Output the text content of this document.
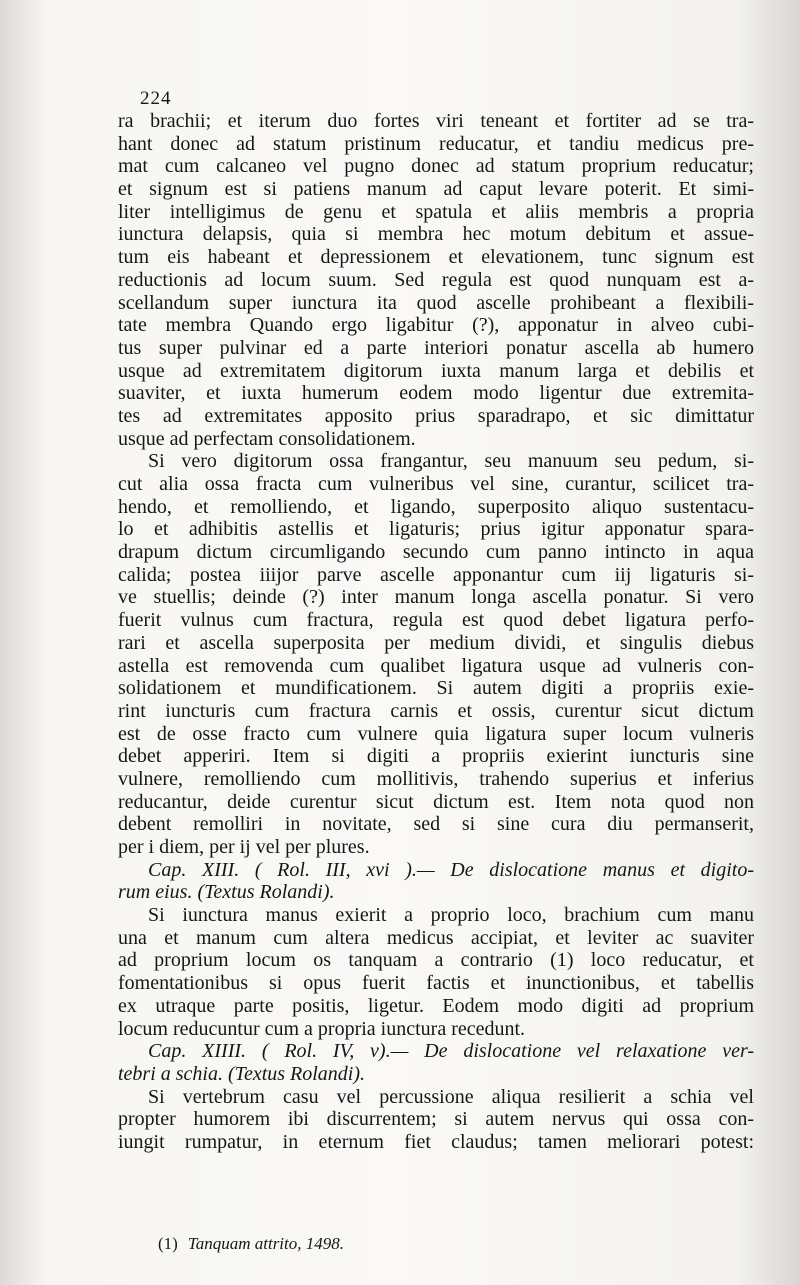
224
ra brachii; et iterum duo fortes viri teneant et fortiter ad se tra-
hant donec ad statum pristinum reducatur, et tandiu medicus pre-
mat cum calcaneo vel pugno donec ad statum proprium reducatur;
et signum est si patiens manum ad caput levare poterit. Et simi-
liter intelligimus de genu et spatula et aliis membris a propria
iunctura delapsis, quia si membra hec motum debitum et assue-
tum eis habeant et depressionem et elevationem, tunc signum est
reductionis ad locum suum. Sed regula est quod nunquam est a-
scellandum super iunctura ita quod ascelle prohibeant a flexibili-
tate membra Quando ergo ligabitur (?), apponatur in alveo cubi-
tus super pulvinar ed a parte interiori ponatur ascella ab humero
usque ad extremitatem digitorum iuxta manum larga et debilis et
suaviter, et iuxta humerum eodem modo ligentur due extremita-
tes ad extremitates apposito prius sparadrapo, et sic dimittatur
usque ad perfectam consolidationem.
Si vero digitorum ossa frangantur, seu manuum seu pedum, si-
cut alia ossa fracta cum vulneribus vel sine, curantur, scilicet tra-
hendo, et remolliendo, et ligando, superposito aliquo sustentacu-
lo et adhibitis astellis et ligaturis; prius igitur apponatur spara-
drapum dictum circumligando secundo cum panno intincto in aqua
calida; postea iiijor parve ascelle apponantur cum iij ligaturis si-
ve stuellis; deinde (?) inter manum longa ascella ponatur. Si vero
fuerit vulnus cum fractura, regula est quod debet ligatura perfo-
rari et ascella superposita per medium dividi, et singulis diebus
astella est removenda cum qualibet ligatura usque ad vulneris con-
solidationem et mundificationem. Si autem digiti a propriis exie-
rint iuncturis cum fractura carnis et ossis, curentur sicut dictum
est de osse fracto cum vulnere quia ligatura super locum vulneris
debet apperiri. Item si digiti a propriis exierint iuncturis sine
vulnere, remolliendo cum mollitivis, trahendo superius et inferius
reducantur, deide curentur sicut dictum est. Item nota quod non
debent remolliri in novitate, sed si sine cura diu permanserit,
per i diem, per ij vel per plures.
Cap. XIII. ( Rol. III, xvi ).— De dislocatione manus et digito-
rum eius. (Textus Rolandi).
Si iunctura manus exierit a proprio loco, brachium cum manu
una et manum cum altera medicus accipiat, et leviter ac suaviter
ad proprium locum os tanquam a contrario (1) loco reducatur, et
fomentationibus si opus fuerit factis et inunctionibus, et tabellis
ex utraque parte positis, ligetur. Eodem modo digiti ad proprium
locum reducuntur cum a propria iunctura recedunt.
Cap. XIIII. ( Rol. IV, v).— De dislocatione vel relaxatione ver-
tebri a schia. (Textus Rolandi).
Si vertebrum casu vel percussione aliqua resilierit a schia vel
propter humorem ibi discurrentem; si autem nervus qui ossa con-
iungit rumpatur, in eternum fiet claudus; tamen meliorari potest:
(1) Tanquam attrito, 1498.
